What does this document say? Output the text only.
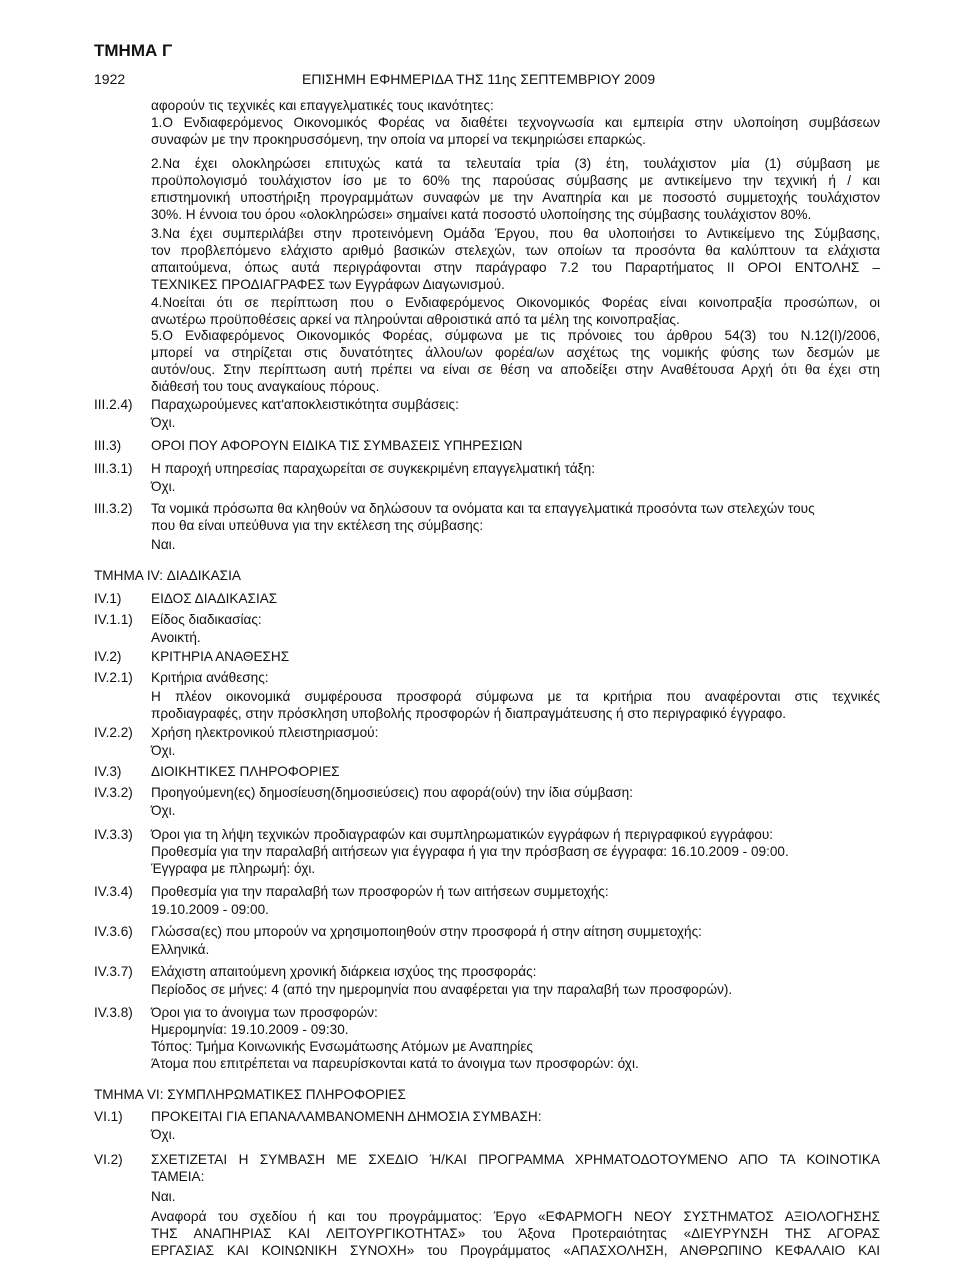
ΤΜΗΜΑ Γ
1922	ΕΠΙΣΗΜΗ ΕΦΗΜΕΡΙΔΑ ΤΗΣ 11ης ΣΕΠΤΕΜΒΡΙΟΥ 2009
αφορούν τις τεχνικές και επαγγελματικές τους ικανότητες:
1.Ο Ενδιαφερόμενος Οικονομικός Φορέας να διαθέτει τεχνογνωσία και εμπειρία στην υλοποίηση συμβάσεων
συναφών με την προκηρυσσόμενη, την οποία να μπορεί να τεκμηριώσει επαρκώς.
2.Να έχει ολοκληρώσει επιτυχώς κατά τα τελευταία τρία (3) έτη, τουλάχιστον μία (1) σύμβαση με
προϋπολογισμό τουλάχιστον ίσο με το 60% της παρούσας σύμβασης με αντικείμενο την τεχνική ή / και
επιστημονική υποστήριξη προγραμμάτων συναφών με την Αναπηρία και με ποσοστό συμμετοχής τουλάχιστον
30%. Η έννοια του όρου «ολοκληρώσει» σημαίνει κατά ποσοστό υλοποίησης της σύμβασης τουλάχιστον 80%.
3.Να έχει συμπεριλάβει στην προτεινόμενη Ομάδα Έργου, που θα υλοποιήσει το Αντικείμενο της Σύμβασης,
τον προβλεπόμενο ελάχιστο αριθμό βασικών στελεχών, των οποίων τα προσόντα θα καλύπτουν τα ελάχιστα
απαιτούμενα, όπως αυτά περιγράφονται στην παράγραφο 7.2 του Παραρτήματος ΙΙ ΟΡΟΙ ΕΝΤΟΛΗΣ –
ΤΕΧΝΙΚΕΣ ΠΡΟΔΙΑΓΡΑΦΕΣ των Εγγράφων Διαγωνισμού.
4.Νοείται ότι σε περίπτωση που ο Ενδιαφερόμενος Οικονομικός Φορέας είναι κοινοπραξία προσώπων, οι
ανωτέρω προϋποθέσεις αρκεί να πληρούνται αθροιστικά από τα μέλη της κοινοπραξίας.
5.Ο Ενδιαφερόμενος Οικονομικός Φορέας, σύμφωνα με τις πρόνοιες του άρθρου 54(3) του Ν.12(Ι)/2006,
μπορεί να στηρίζεται στις δυνατότητες άλλου/ων φορέα/ων ασχέτως της νομικής φύσης των δεσμών με
αυτόν/ους. Στην περίπτωση αυτή πρέπει να είναι σε θέση να αποδείξει στην Αναθέτουσα Αρχή ότι θα έχει στη
διάθεσή του τους αναγκαίους πόρους.
ΙΙΙ.2.4) Παραχωρούμενες κατ'αποκλειστικότητα συμβάσεις:
Όχι.
ΙΙΙ.3) ΟΡΟΙ ΠΟΥ ΑΦΟΡΟΥΝ ΕΙΔΙΚΑ ΤΙΣ ΣΥΜΒΑΣΕΙΣ ΥΠΗΡΕΣΙΩΝ
ΙΙΙ.3.1) Η παροχή υπηρεσίας παραχωρείται σε συγκεκριμένη επαγγελματική τάξη:
Όχι.
ΙΙΙ.3.2) Τα νομικά πρόσωπα θα κληθούν να δηλώσουν τα ονόματα και τα επαγγελματικά προσόντα των στελεχών τους
που θα είναι υπεύθυνα για την εκτέλεση της σύμβασης:
Ναι.
ΤΜΗΜΑ ΙV: ΔΙΑΔΙΚΑΣΙΑ
IV.1) ΕΙΔΟΣ ΔΙΑΔΙΚΑΣΙΑΣ
IV.1.1) Είδος διαδικασίας:
Ανοικτή.
IV.2) ΚΡΙΤΗΡΙΑ ΑΝΑΘΕΣΗΣ
IV.2.1) Κριτήρια ανάθεσης:
Η πλέον οικονομικά συμφέρουσα προσφορά σύμφωνα με τα κριτήρια που αναφέρονται στις τεχνικές
προδιαγραφές, στην πρόσκληση υποβολής προσφορών ή διαπραγμάτευσης ή στο περιγραφικό έγγραφο.
IV.2.2) Χρήση ηλεκτρονικού πλειστηριασμού:
Όχι.
IV.3) ΔΙΟΙΚΗΤΙΚΕΣ ΠΛΗΡΟΦΟΡΙΕΣ
IV.3.2) Προηγούμενη(ες) δημοσίευση(δημοσιεύσεις) που αφορά(ούν) την ίδια σύμβαση:
Όχι.
IV.3.3) Όροι για τη λήψη τεχνικών προδιαγραφών και συμπληρωματικών εγγράφων ή περιγραφικού εγγράφου:
Προθεσμία για την παραλαβή αιτήσεων για έγγραφα ή για την πρόσβαση σε έγγραφα: 16.10.2009 - 09:00.
Έγγραφα με πληρωμή: όχι.
IV.3.4) Προθεσμία για την παραλαβή των προσφορών ή των αιτήσεων συμμετοχής:
19.10.2009 - 09:00.
IV.3.6) Γλώσσα(ες) που μπορούν να χρησιμοποιηθούν στην προσφορά ή στην αίτηση συμμετοχής:
Ελληνικά.
IV.3.7) Ελάχιστη απαιτούμενη χρονική διάρκεια ισχύος της προσφοράς:
Περίοδος σε μήνες: 4 (από την ημερομηνία που αναφέρεται για την παραλαβή των προσφορών).
IV.3.8) Όροι για το άνοιγμα των προσφορών:
Ημερομηνία: 19.10.2009 - 09:30.
Τόπος: Τμήμα Κοινωνικής Ενσωμάτωσης Ατόμων με Αναπηρίες
Άτομα που επιτρέπεται να παρευρίσκονται κατά το άνοιγμα των προσφορών: όχι.
ΤΜΗΜΑ VI: ΣΥΜΠΛΗΡΩΜΑΤΙΚΕΣ ΠΛΗΡΟΦΟΡΙΕΣ
VI.1) ΠΡΟΚΕΙΤΑΙ ΓΙΑ ΕΠΑΝΑΛΑΜΒΑΝΟΜΕΝΗ ΔΗΜΟΣΙΑ ΣΥΜΒΑΣΗ:
Όχι.
VI.2) ΣΧΕΤΙΖΕΤΑΙ Η ΣΥΜΒΑΣΗ ΜΕ ΣΧΕΔΙΟ Ή/ΚΑΙ ΠΡΟΓΡΑΜΜΑ ΧΡΗΜΑΤΟΔΟΤΟΥΜΕΝΟ ΑΠΟ ΤΑ ΚΟΙΝΟΤΙΚΑ
ΤΑΜΕΙΑ:
Ναι.
Αναφορά του σχεδίου ή και του προγράμματος: Έργο «ΕΦΑΡΜΟΓΗ ΝΕΟΥ ΣΥΣΤΗΜΑΤΟΣ ΑΞΙΟΛΟΓΗΣΗΣ
ΤΗΣ ΑΝΑΠΗΡΙΑΣ ΚΑΙ ΛΕΙΤΟΥΡΓΙΚΟΤΗΤΑΣ» του Άξονα Προτεραιότητας «ΔΙΕΥΡΥΝΣΗ ΤΗΣ ΑΓΟΡΑΣ
ΕΡΓΑΣΙΑΣ ΚΑΙ ΚΟΙΝΩΝΙΚΗ ΣΥΝΟΧΗ» του Προγράμματος «ΑΠΑΣΧΟΛΗΣΗ, ΑΝΘΡΩΠΙΝΟ ΚΕΦΑΛΑΙΟ ΚΑΙ
